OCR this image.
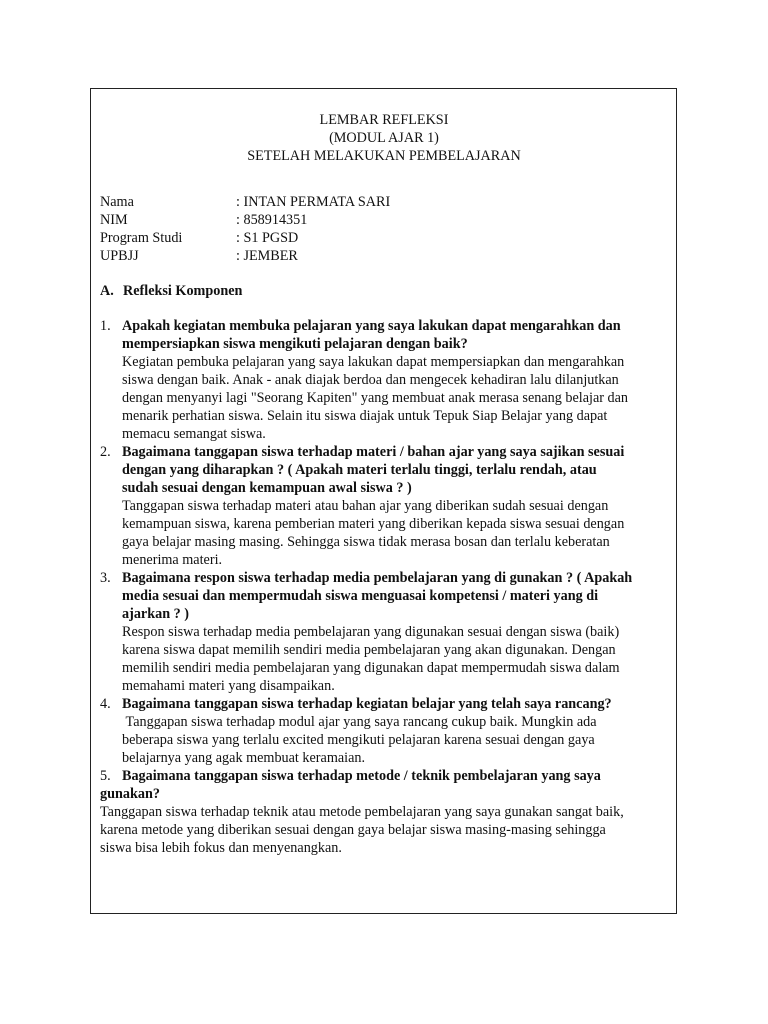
LEMBAR REFLEKSI
(MODUL AJAR 1)
SETELAH MELAKUKAN PEMBELAJARAN
Nama	: INTAN PERMATA SARI
NIM	: 858914351
Program Studi	: S1 PGSD
UPBJJ	: JEMBER
A. Refleksi Komponen
1. Apakah kegiatan membuka pelajaran yang saya lakukan dapat mengarahkan dan
mempersiapkan siswa mengikuti pelajaran dengan baik?
Kegiatan pembuka pelajaran yang saya lakukan dapat mempersiapkan dan mengarahkan
siswa dengan baik. Anak - anak diajak berdoa dan mengecek kehadiran lalu dilanjutkan
dengan menyanyi lagi "Seorang Kapiten" yang membuat anak merasa senang belajar dan
menarik perhatian siswa. Selain itu siswa diajak untuk Tepuk Siap Belajar yang dapat
memacu semangat siswa.
2. Bagaimana tanggapan siswa terhadap materi / bahan ajar yang saya sajikan sesuai
dengan yang diharapkan ? ( Apakah materi terlalu tinggi, terlalu rendah, atau
sudah sesuai dengan kemampuan awal siswa ? )
Tanggapan siswa terhadap materi atau bahan ajar yang diberikan sudah sesuai dengan
kemampuan siswa, karena pemberian materi yang diberikan kepada siswa sesuai dengan
gaya belajar masing masing. Sehingga siswa tidak merasa bosan dan terlalu keberatan
menerima materi.
3. Bagaimana respon siswa terhadap media pembelajaran yang di gunakan ? ( Apakah
media sesuai dan mempermudah siswa menguasai kompetensi / materi yang di
ajarkan ? )
Respon siswa terhadap media pembelajaran yang digunakan sesuai dengan siswa (baik)
karena siswa dapat memilih sendiri media pembelajaran yang akan digunakan. Dengan
memilih sendiri media pembelajaran yang digunakan dapat mempermudah siswa dalam
memahami materi yang disampaikan.
4. Bagaimana tanggapan siswa terhadap kegiatan belajar yang telah saya rancang?
Tanggapan siswa terhadap modul ajar yang saya rancang cukup baik. Mungkin ada
beberapa siswa yang terlalu excited mengikuti pelajaran karena sesuai dengan gaya
belajarnya yang agak membuat keramaian.
5. Bagaimana tanggapan siswa terhadap metode / teknik pembelajaran yang saya
gunakan?
Tanggapan siswa terhadap teknik atau metode pembelajaran yang saya gunakan sangat baik,
karena metode yang diberikan sesuai dengan gaya belajar siswa masing-masing sehingga
siswa bisa lebih fokus dan menyenangkan.
